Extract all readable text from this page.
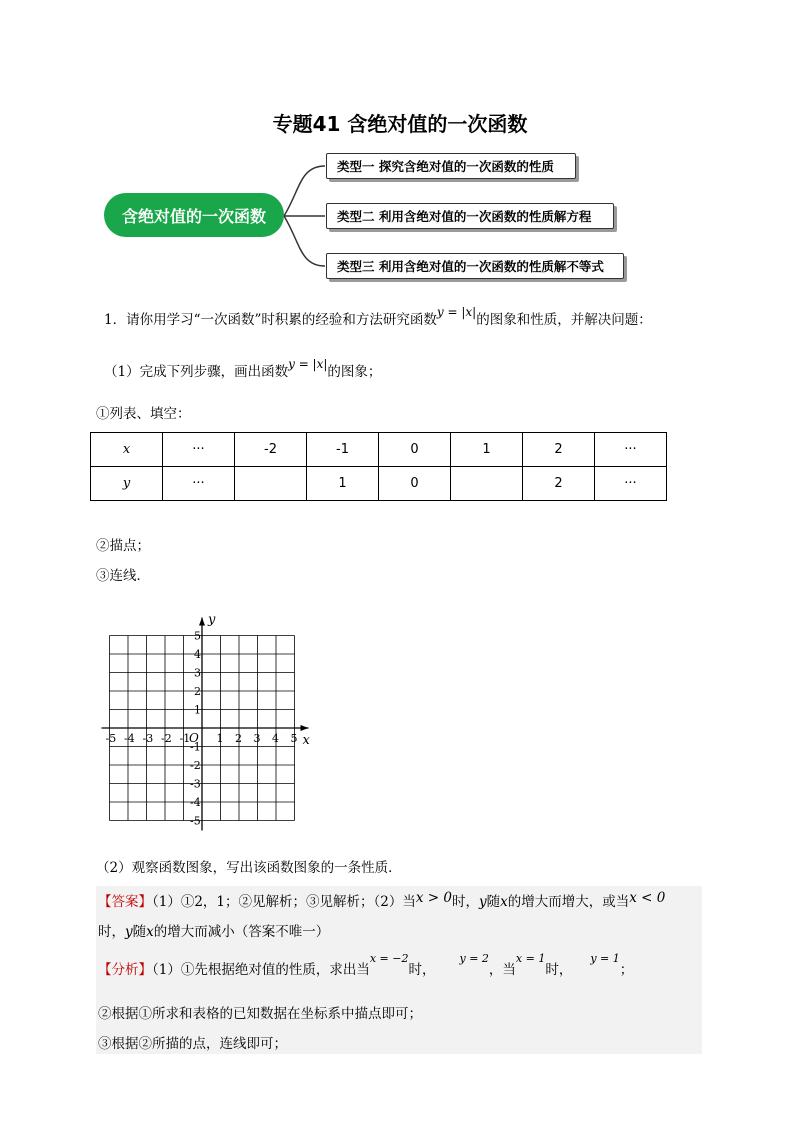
专题41 含绝对值的一次函数
含绝对值的一次函数
类型一 探究含绝对值的一次函数的性质
类型二 利用含绝对值的一次函数的性质解方程
类型三 利用含绝对值的一次函数的性质解不等式
1．请你用学习“一次函数”时积累的经验和方法研究函数y = |x|的图象和性质，并解决问题：
（1）完成下列步骤，画出函数y = |x|的图象；
①列表、填空：
x	···	-2	-1	0	1	2	···
y	···		1	0		2	···
②描点；
③连线．
x
y
O
-5 -4 -3 -2 -1 1 2 3 4 5
5
4
3
2
1
-1
-2
-3
-4
-5
（2）观察函数图象，写出该函数图象的一条性质．
【答案】（1）①2，1；②见解析；③见解析；（2）当x > 0时，y随x的增大而增大，或当x < 0
时，y随x的增大而减小（答案不唯一）
【分析】（1）①先根据绝对值的性质，求出当$^{x = -2}$时，$^{y = 2}$，当$^{x = 1}$时，$^{y = 1}$；
②根据①所求和表格的已知数据在坐标系中描点即可；
③根据②所描的点，连线即可；
